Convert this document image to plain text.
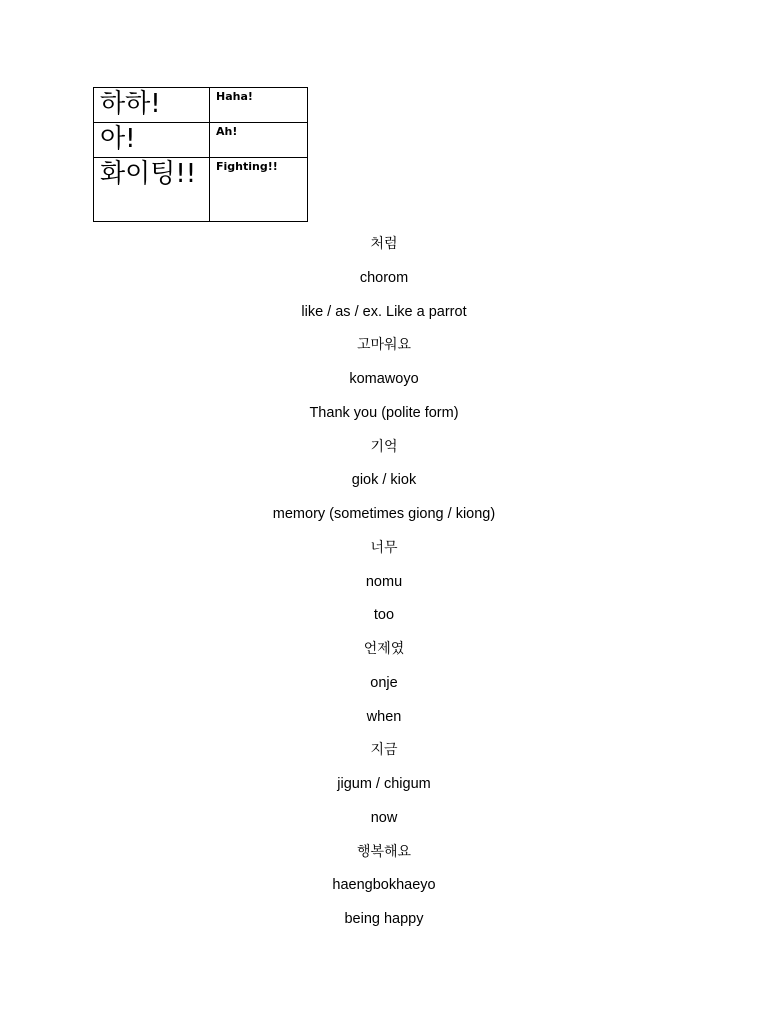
하하!	Haha!
아!	Ah!
화이팅!!	Fighting!!
처럼
chorom
like / as / ex. Like a parrot
고마워요
komawoyo
Thank you (polite form)
기억
giok / kiok
memory (sometimes giong / kiong)
너무
nomu
too
언제였
onje
when
지금
jigum / chigum
now
행복해요
haengbokhaeyo
being happy
